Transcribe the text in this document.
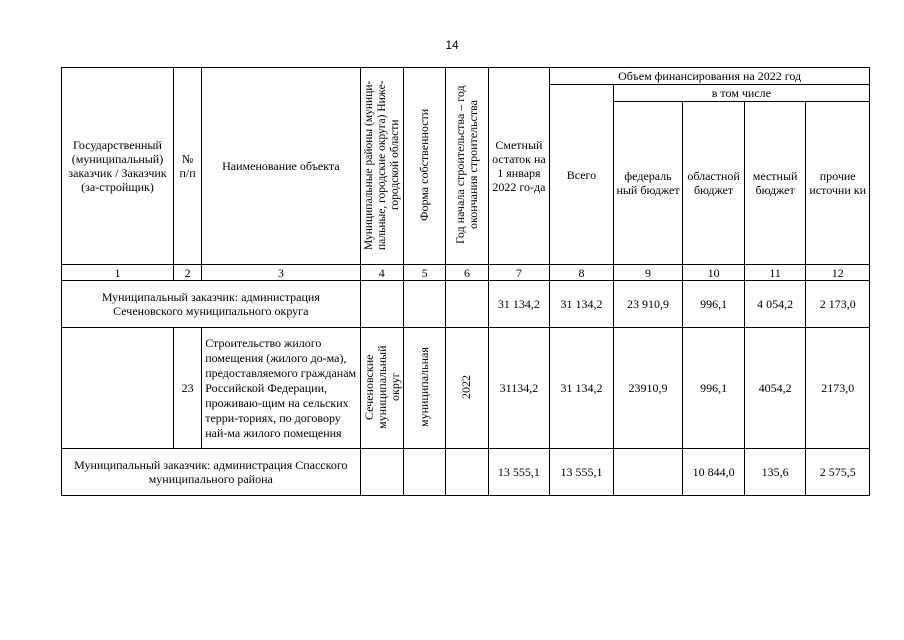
14
Государственный (муниципальный) заказчик / Заказчик (за-стройщик)	№ п/п	Наименование объекта	Муниципальные районы (муници-пальные, городские округа) Ниже-городской области	Форма собственности	Год начала строительства – год окончания строительства	Сметный остаток на 1 января 2022 го-да	Объем финансирования на 2022 год				
							Всего	в том числе			
								федераль ный бюджет	областной бюджет	местный бюджет	прочие источни ки
1	2	3	4	5	6	7	8	9	10	11	12
Муниципальный заказчик: администрация Сеченовского муниципального округа						31 134,2	31 134,2	23 910,9	996,1	4 054,2	2 173,0
	23	Строительство жилого помещения (жилого до-ма), предоставляемого гражданам Российской Федерации, проживаю-щим на сельских терри-ториях, по договору най-ма жилого помещения	Сеченовские муниципальный округ	муниципальная	2022	31134,2	31 134,2	23910,9	996,1	4054,2	2173,0
Муниципальный заказчик: администрация Спасского муниципального района						13 555,1	13 555,1		10 844,0	135,6	2 575,5
